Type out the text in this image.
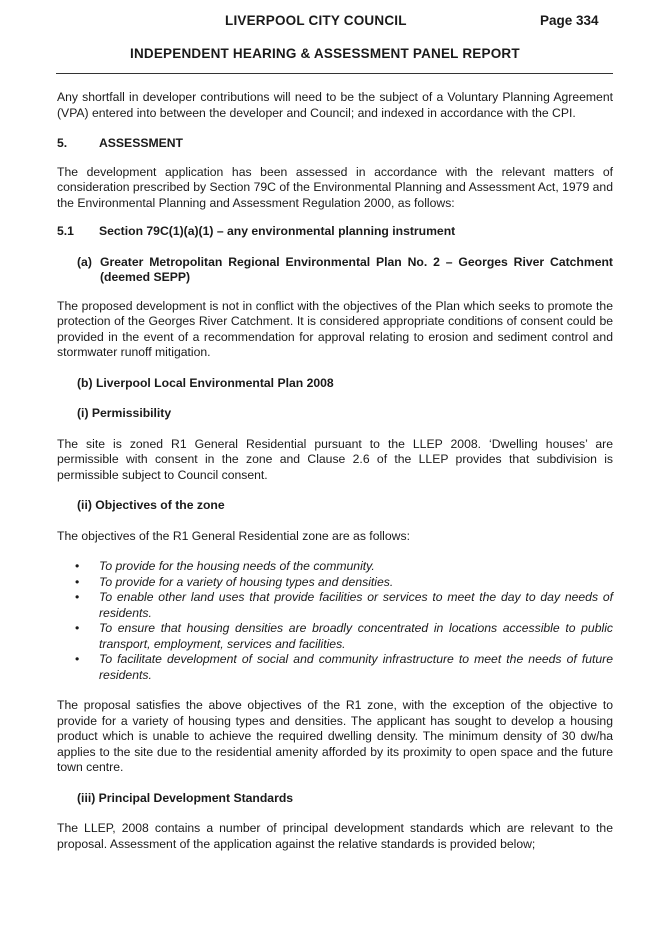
LIVERPOOL CITY COUNCIL	Page 334
INDEPENDENT HEARING & ASSESSMENT PANEL REPORT

Any shortfall in developer contributions will need to be the subject of a Voluntary Planning Agreement (VPA) entered into between the developer and Council; and indexed in accordance with the CPI.

5.	ASSESSMENT

The development application has been assessed in accordance with the relevant matters of consideration prescribed by Section 79C of the Environmental Planning and Assessment Act, 1979 and the Environmental Planning and Assessment Regulation 2000, as follows:

5.1	Section 79C(1)(a)(1) – any environmental planning instrument
(a) Greater Metropolitan Regional Environmental Plan No. 2 – Georges River Catchment (deemed SEPP)

The proposed development is not in conflict with the objectives of the Plan which seeks to promote the protection of the Georges River Catchment. It is considered appropriate conditions of consent could be provided in the event of a recommendation for approval relating to erosion and sediment control and stormwater runoff mitigation.

(b) Liverpool Local Environmental Plan 2008
(i) Permissibility

The site is zoned R1 General Residential pursuant to the LLEP 2008. ‘Dwelling houses’ are permissible with consent in the zone and Clause 2.6 of the LLEP provides that subdivision is permissible subject to Council consent.

(ii) Objectives of the zone

The objectives of the R1 General Residential zone are as follows:

•	To provide for the housing needs of the community.
•	To provide for a variety of housing types and densities.
•	To enable other land uses that provide facilities or services to meet the day to day needs of residents.
•	To ensure that housing densities are broadly concentrated in locations accessible to public transport, employment, services and facilities.
•	To facilitate development of social and community infrastructure to meet the needs of future residents.

The proposal satisfies the above objectives of the R1 zone, with the exception of the objective to provide for a variety of housing types and densities. The applicant has sought to develop a housing product which is unable to achieve the required dwelling density. The minimum density of 30 dw/ha applies to the site due to the residential amenity afforded by its proximity to open space and the future town centre.

(iii) Principal Development Standards

The LLEP, 2008 contains a number of principal development standards which are relevant to the proposal. Assessment of the application against the relative standards is provided below;
